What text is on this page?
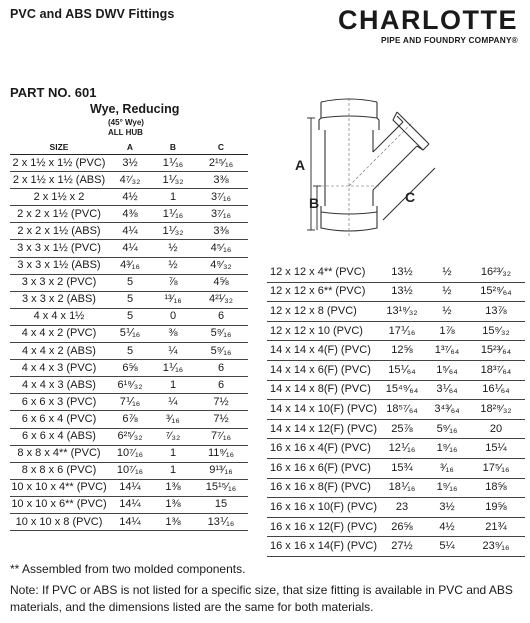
PVC and ABS DWV Fittings	CHARLOTTE
PIPE AND FOUNDRY COMPANY®
PART NO. 601
Wye, Reducing
(45° Wye)
ALL HUB
A
B	C
SIZE	A	B	C
2 x 1½ x 1½ (PVC)	3½	1⅟₁₆	2¹⁵⁄₁₆
2 x 1½ x 1½ (ABS)	4⁷⁄₃₂	1⅟₃₂	3⅜
2 x 1½ x 2	4½	1	3⁷⁄₁₆
2 x 2 x 1½ (PVC)	4⅜	1⅟₁₆	3⁷⁄₁₆
2 x 2 x 1½ (ABS)	4¼	1⅟₃₂	3⅜
3 x 3 x 1½ (PVC)	4¼	½	4⁵⁄₁₆
3 x 3 x 1½ (ABS)	4³⁄₁₆	½	4⁹⁄₃₂
3 x 3 x 2 (PVC)	5	⅞	4⅝
3 x 3 x 2 (ABS)	5	¹³⁄₁₆	4²¹⁄₃₂
4 x 4 x 1½	5	0	6
4 x 4 x 2 (PVC)	5⅟₁₆	⅜	5⁹⁄₁₆
4 x 4 x 2 (ABS)	5	¼	5⁹⁄₁₆
4 x 4 x 3 (PVC)	6⅝	1⅟₁₆	6
4 x 4 x 3 (ABS)	6¹⁹⁄₃₂	1	6
6 x 6 x 3 (PVC)	7⅟₁₆	¼	7½
6 x 6 x 4 (PVC)	6⅞	³⁄₁₆	7½
6 x 6 x 4 (ABS)	6²⁵⁄₃₂	⁷⁄₃₂	7⁷⁄₁₆
8 x 8 x 4** (PVC)	10⁷⁄₁₆	1	11⁹⁄₁₆
8 x 8 x 6 (PVC)	10⁷⁄₁₆	1	9¹³⁄₁₆
10 x 10 x 4** (PVC)	14¼	1⅜	15¹⁵⁄₁₆
10 x 10 x 6** (PVC)	14¼	1⅜	15
10 x 10 x 8 (PVC)	14¼	1⅜	13⅟₁₆
12 x 12 x 4** (PVC)	13½	½	16²³⁄₃₂
12 x 12 x 6** (PVC)	13½	½	15²⁹⁄₆₄
12 x 12 x 8 (PVC)	13¹⁹⁄₃₂	½	13⅞
12 x 12 x 10 (PVC)	17⅟₁₆	1⅞	15⁹⁄₃₂
14 x 14 x 4(F) (PVC)	12⅝	1³⁷⁄₆₄	15²³⁄₆₄
14 x 14 x 6(F) (PVC)	15⅟₆₄	1⁵⁄₆₄	18³⁷⁄₆₄
14 x 14 x 8(F) (PVC)	15⁴⁹⁄₆₄	3⅟₆₄	16⅟₆₄
14 x 14 x 10(F) (PVC)	18⁵⁷⁄₆₄	3⁴³⁄₆₄	18²⁹⁄₃₂
14 x 14 x 12(F) (PVC)	25⅞	5⁹⁄₁₆	20
16 x 16 x 4(F) (PVC)	12⅟₁₆	1⁹⁄₁₆	15¼
16 x 16 x 6(F) (PVC)	15¾	³⁄₁₆	17⁵⁄₁₆
16 x 16 x 8(F) (PVC)	18⅟₁₆	1⁹⁄₁₆	18⅝
16 x 16 x 10(F) (PVC)	23	3½	19⅝
16 x 16 x 12(F) (PVC)	26⅝	4½	21¾
16 x 16 x 14(F) (PVC)	27½	5¼	23⁹⁄₁₆
** Assembled from two molded components.
Note: If PVC or ABS is not listed for a specific size, that size fitting is available in PVC and ABS materials, and the dimensions listed are the same for both materials.
